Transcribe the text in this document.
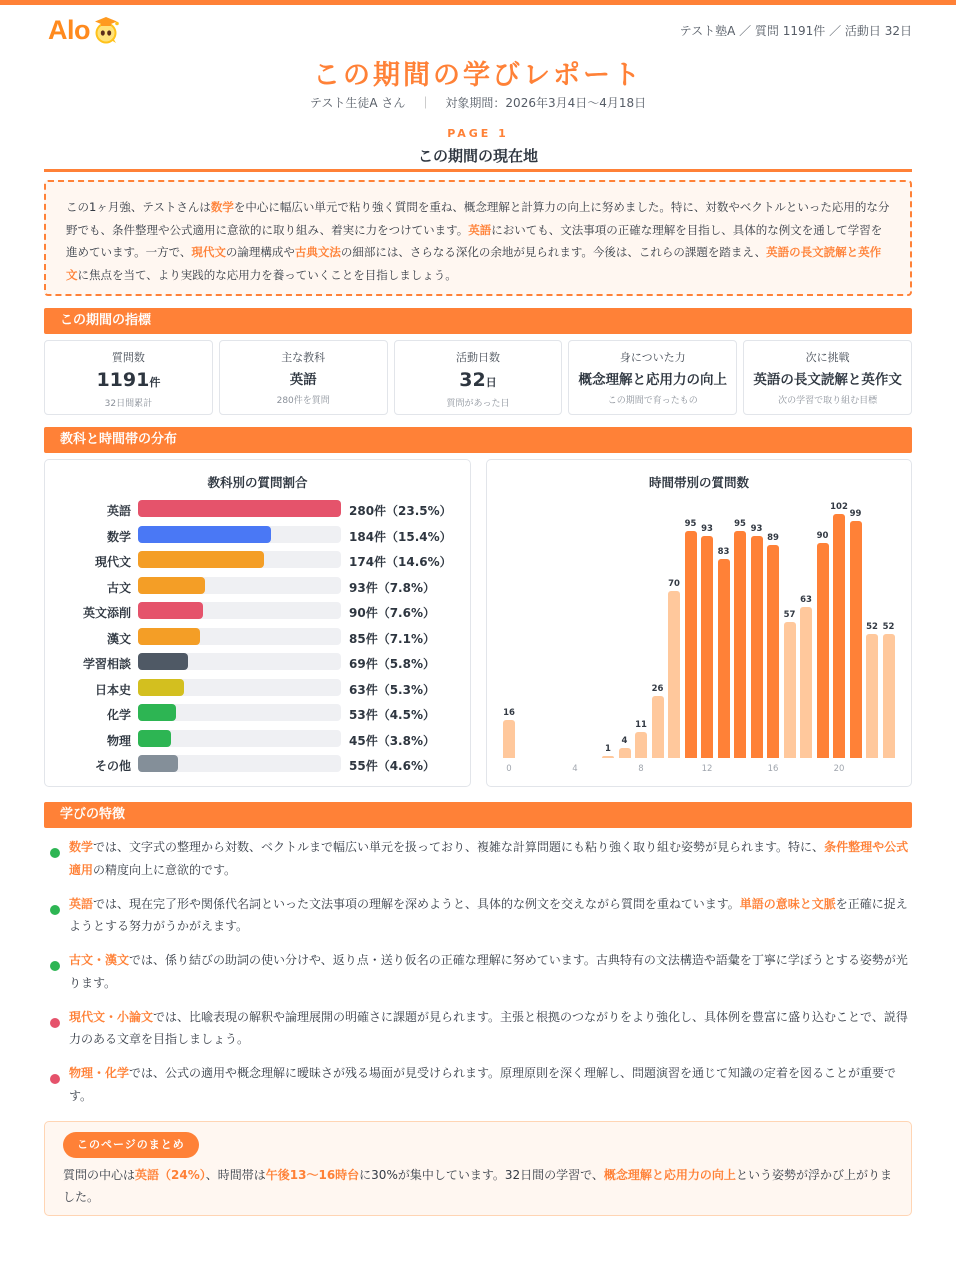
Alo	テスト塾A ／ 質問 1191件 ／ 活動日 32日
この期間の学びレポート
テスト生徒A さん ｜ 対象期間：2026年3月4日〜4月18日
PAGE 1
この期間の現在地
この1ヶ月強、テストさんは数学を中心に幅広い単元で粘り強く質問を重ね、概念理解と計算力の向上に努めました。特に、対数やベクトルといった応用的な分野でも、条件整理や公式適用に意欲的に取り組み、着実に力をつけています。英語においても、文法事項の正確な理解を目指し、具体的な例文を通して学習を進めています。一方で、現代文の論理構成や古典文法の細部には、さらなる深化の余地が見られます。今後は、これらの課題を踏まえ、英語の長文読解と英作文に焦点を当て、より実践的な応用力を養っていくことを目指しましょう。
この期間の指標
質問数
1191件
32日間累計
主な教科
英語
280件を質問
活動日数
32日
質問があった日
身についた力
概念理解と応用力の向上
この期間で育ったもの
次に挑戦
英語の長文読解と英作文
次の学習で取り組む目標
教科と時間帯の分布
教科別の質問割合
英語	280件（23.5%）
数学	184件（15.4%）
現代文	174件（14.6%）
古文	93件（7.8%）
英文添削	90件（7.6%）
漢文	85件（7.1%）
学習相談	69件（5.8%）
日本史	63件（5.3%）
化学	53件（4.5%）
物理	45件（3.8%）
その他	55件（4.6%）
時間帯別の質問数
16
1
4
11
26
70
95 93
83
95 93
89
57
63
90
102
99
52 52
0	4	8	12	16	20
学びの特徴
数学では、文字式の整理から対数、ベクトルまで幅広い単元を扱っており、複雑な計算問題にも粘り強く取り組む姿勢が見られます。特に、条件整理や公式適用の精度向上に意欲的です。
英語では、現在完了形や関係代名詞といった文法事項の理解を深めようと、具体的な例文を交えながら質問を重ねています。単語の意味と文脈を正確に捉えようとする努力がうかがえます。
古文・漢文では、係り結びの助詞の使い分けや、返り点・送り仮名の正確な理解に努めています。古典特有の文法構造や語彙を丁寧に学ぼうとする姿勢が光ります。
現代文・小論文では、比喩表現の解釈や論理展開の明確さに課題が見られます。主張と根拠のつながりをより強化し、具体例を豊富に盛り込むことで、説得力のある文章を目指しましょう。
物理・化学では、公式の適用や概念理解に曖昧さが残る場面が見受けられます。原理原則を深く理解し、問題演習を通じて知識の定着を図ることが重要です。
このページのまとめ
質問の中心は英語（24%）、時間帯は午後13〜16時台に30%が集中しています。32日間の学習で、概念理解と応用力の向上という姿勢が浮かび上がりました。
